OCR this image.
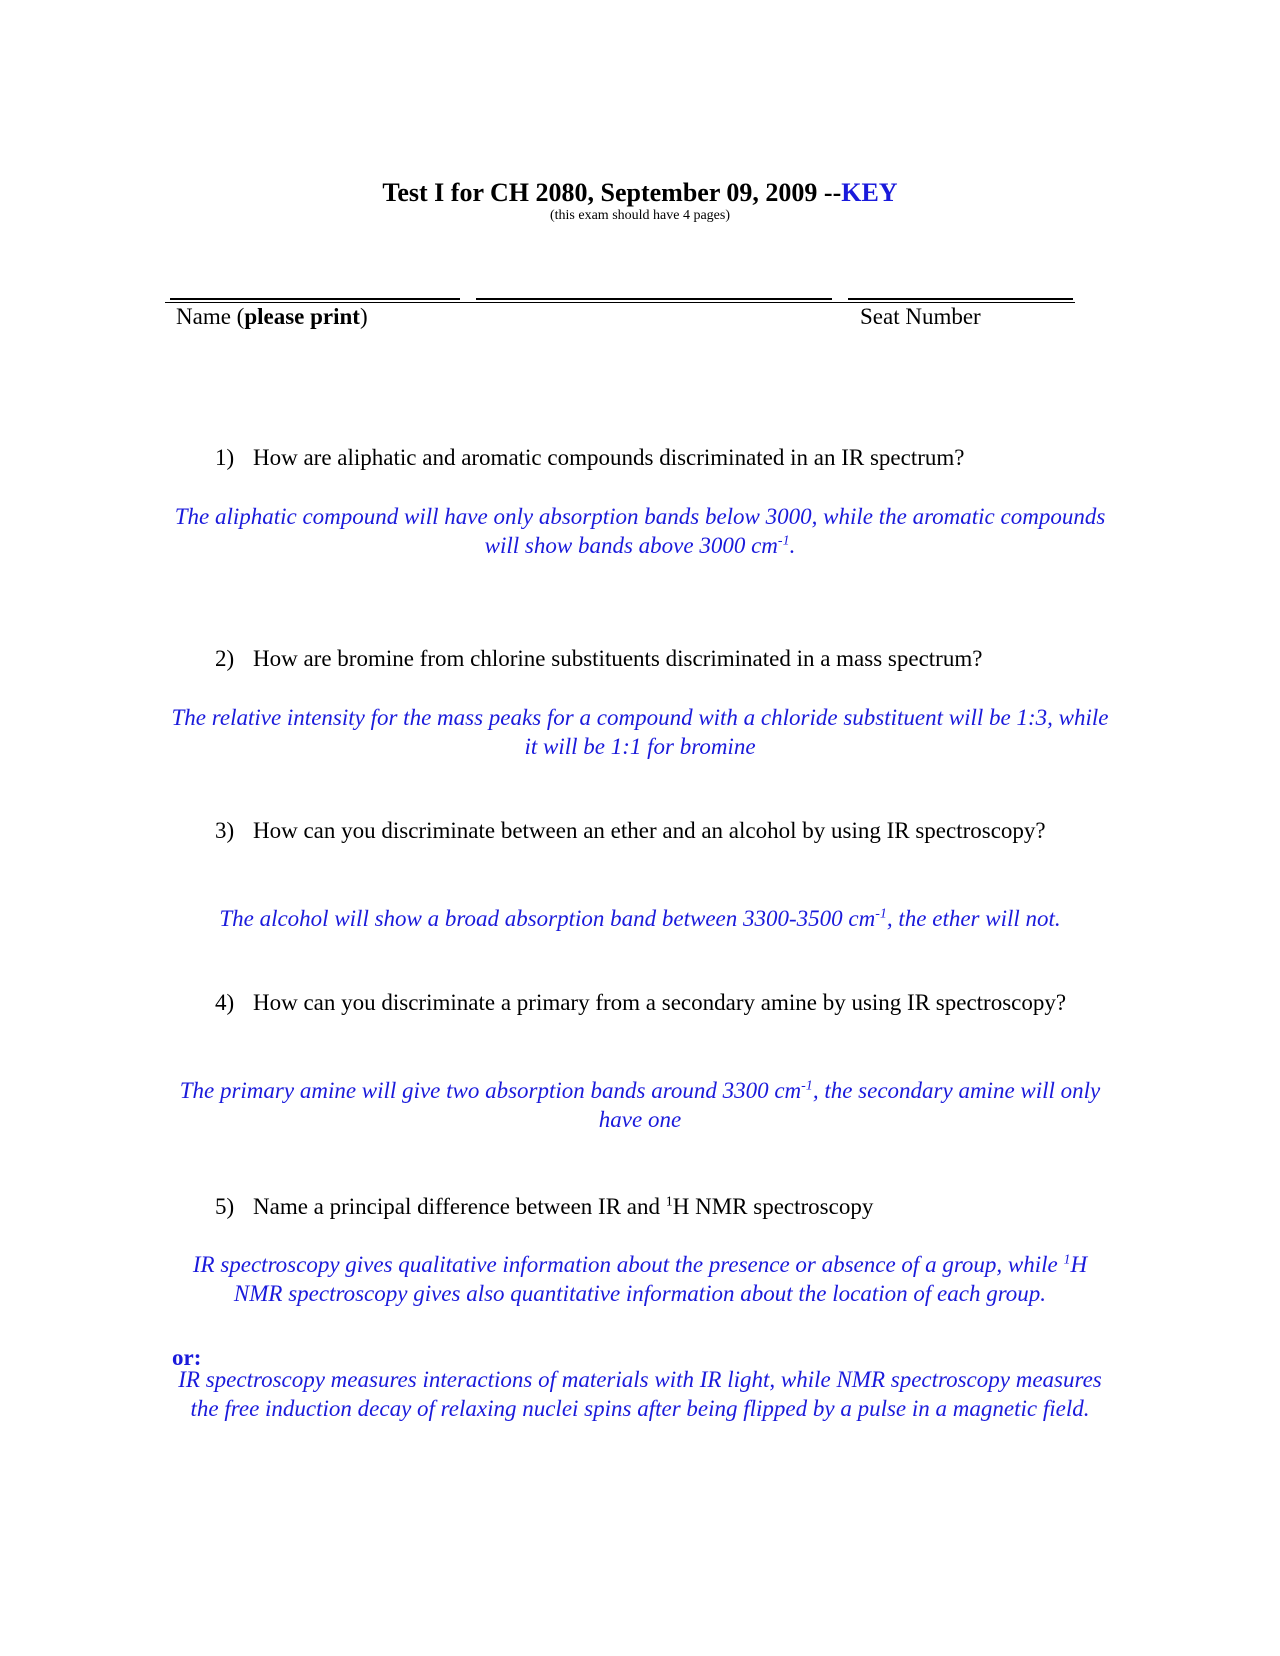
Test I for CH 2080, September 09, 2009 --KEY
(this exam should have 4 pages)
Name (please print)	Seat Number
1) How are aliphatic and aromatic compounds discriminated in an IR spectrum?
The aliphatic compound will have only absorption bands below 3000, while the aromatic compounds will show bands above 3000 $cm^{-1}$.
2) How are bromine from chlorine substituents discriminated in a mass spectrum?
The relative intensity for the mass peaks for a compound with a chloride substituent will be 1:3, while it will be 1:1 for bromine
3) How can you discriminate between an ether and an alcohol by using IR spectroscopy?
The alcohol will show a broad absorption band between 3300-3500 $cm^{-1}$, the ether will not.
4) How can you discriminate a primary from a secondary amine by using IR spectroscopy?
The primary amine will give two absorption bands around 3300 $cm^{-1}$, the secondary amine will only have one
5) Name a principal difference between IR and $^1$H NMR spectroscopy
IR spectroscopy gives qualitative information about the presence or absence of a group, while $^1$H NMR spectroscopy gives also quantitative information about the location of each group.
or:
IR spectroscopy measures interactions of materials with IR light, while NMR spectroscopy measures the free induction decay of relaxing nuclei spins after being flipped by a pulse in a magnetic field.
